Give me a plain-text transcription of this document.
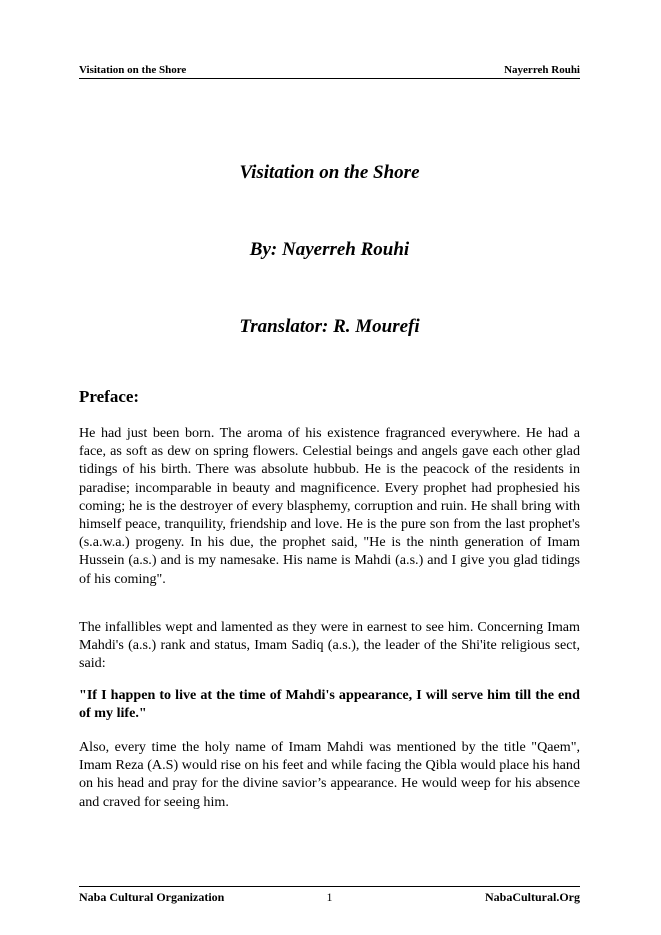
Visitation on the Shore	Nayerreh Rouhi
Visitation on the Shore
By: Nayerreh Rouhi
Translator: R. Mourefi
Preface:
He had just been born. The aroma of his existence fragranced everywhere. He had a face, as soft as dew on spring flowers. Celestial beings and angels gave each other glad tidings of his birth. There was absolute hubbub. He is the peacock of the residents in paradise; incomparable in beauty and magnificence. Every prophet had prophesied his coming; he is the destroyer of every blasphemy, corruption and ruin. He shall bring with himself peace, tranquility, friendship and love. He is the pure son from the last prophet's (s.a.w.a.) progeny. In his due, the prophet said, "He is the ninth generation of Imam Hussein (a.s.) and is my namesake. His name is Mahdi (a.s.) and I give you glad tidings of his coming".
The infallibles wept and lamented as they were in earnest to see him. Concerning Imam Mahdi's (a.s.) rank and status, Imam Sadiq (a.s.), the leader of the Shi'ite religious sect, said:
"If I happen to live at the time of Mahdi's appearance, I will serve him till the end of my life."
Also, every time the holy name of Imam Mahdi was mentioned by the title "Qaem", Imam Reza (A.S) would rise on his feet and while facing the Qibla would place his hand on his head and pray for the divine savior’s appearance. He would weep for his absence and craved for seeing him.
Naba Cultural Organization	1	NabaCultural.Org
